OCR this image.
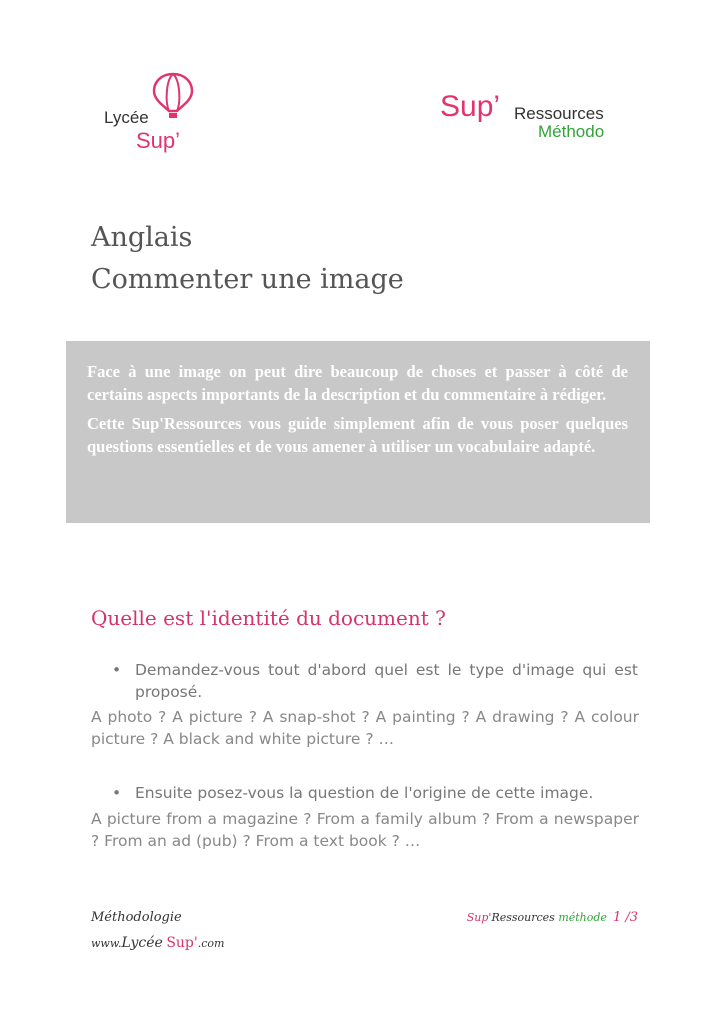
Lycée
Sup’
Sup’ Ressources
Méthodo
Anglais
Commenter une image

Face à une image on peut dire beaucoup de choses et passer à côté de certains aspects importants de la description et du commentaire à rédiger.

Cette Sup'Ressources vous guide simplement afin de vous poser quelques questions essentielles et de vous amener à utiliser un vocabulaire adapté.

Quelle est l'identité du document ?
• Demandez-vous tout d'abord quel est le type d'image qui est proposé.

A photo ? A picture ? A snap-shot ? A painting ? A drawing ? A colour picture ? A black and white picture ? …

• Ensuite posez-vous la question de l'origine de cette image.

A picture from a magazine ? From a family album ? From a newspaper ? From an ad (pub) ? From a text book ? …

Méthodologie
www.Lycée Sup'.com
Sup'Ressources méthode 1 /3
